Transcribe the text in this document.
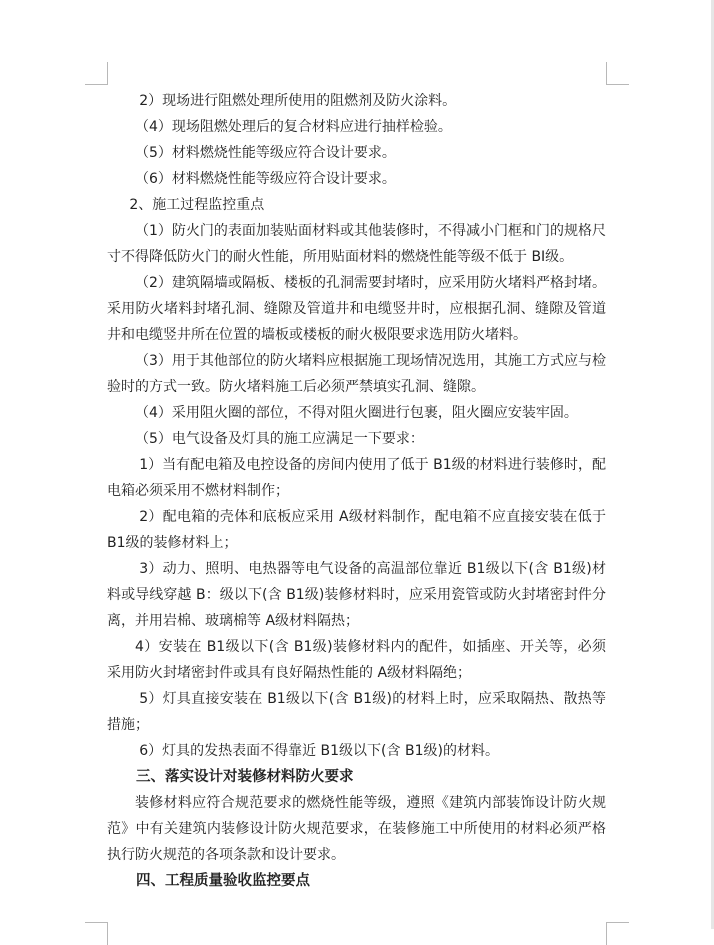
2）现场进行阻燃处理所使用的阻燃剂及防火涂料。

（4）现场阻燃处理后的复合材料应进行抽样检验。

（5）材料燃烧性能等级应符合设计要求。

（6）材料燃烧性能等级应符合设计要求。

2、施工过程监控重点

（1）防火门的表面加装贴面材料或其他装修时，不得减小门框和门的规格尺寸不得降低防火门的耐火性能，所用贴面材料的燃烧性能等级不低于 BI级。

（2）建筑隔墙或隔板、楼板的孔洞需要封堵时，应采用防火堵料严格封堵。采用防火堵料封堵孔洞、缝隙及管道井和电缆竖井时，应根据孔洞、缝隙及管道井和电缆竖井所在位置的墙板或楼板的耐火极限要求选用防火堵料。

（3）用于其他部位的防火堵料应根据施工现场情况选用，其施工方式应与检验时的方式一致。防火堵料施工后必须严禁填实孔洞、缝隙。

（4）采用阻火圈的部位，不得对阻火圈进行包裹，阻火圈应安装牢固。

（5）电气设备及灯具的施工应满足一下要求：

1）当有配电箱及电控设备的房间内使用了低于 B1级的材料进行装修时，配电箱必须采用不燃材料制作；

2）配电箱的壳体和底板应采用 A级材料制作，配电箱不应直接安装在低于 B1级的装修材料上；

3）动力、照明、电热器等电气设备的高温部位靠近 B1级以下(含 B1级)材料或导线穿越 B：级以下(含 B1级)装修材料时，应采用瓷管或防火封堵密封件分离，并用岩棉、玻璃棉等 A级材料隔热；

4）安装在 B1级以下(含 B1级)装修材料内的配件，如插座、开关等，必须采用防火封堵密封件或具有良好隔热性能的 A级材料隔绝；

5）灯具直接安装在 B1级以下(含 B1级)的材料上时，应采取隔热、散热等措施；

6）灯具的发热表面不得靠近 B1级以下(含 B1级)的材料。

三、落实设计对装修材料防火要求

装修材料应符合规范要求的燃烧性能等级，遵照《建筑内部装饰设计防火规范》中有关建筑内装修设计防火规范要求，在装修施工中所使用的材料必须严格执行防火规范的各项条款和设计要求。

四、工程质量验收监控要点
